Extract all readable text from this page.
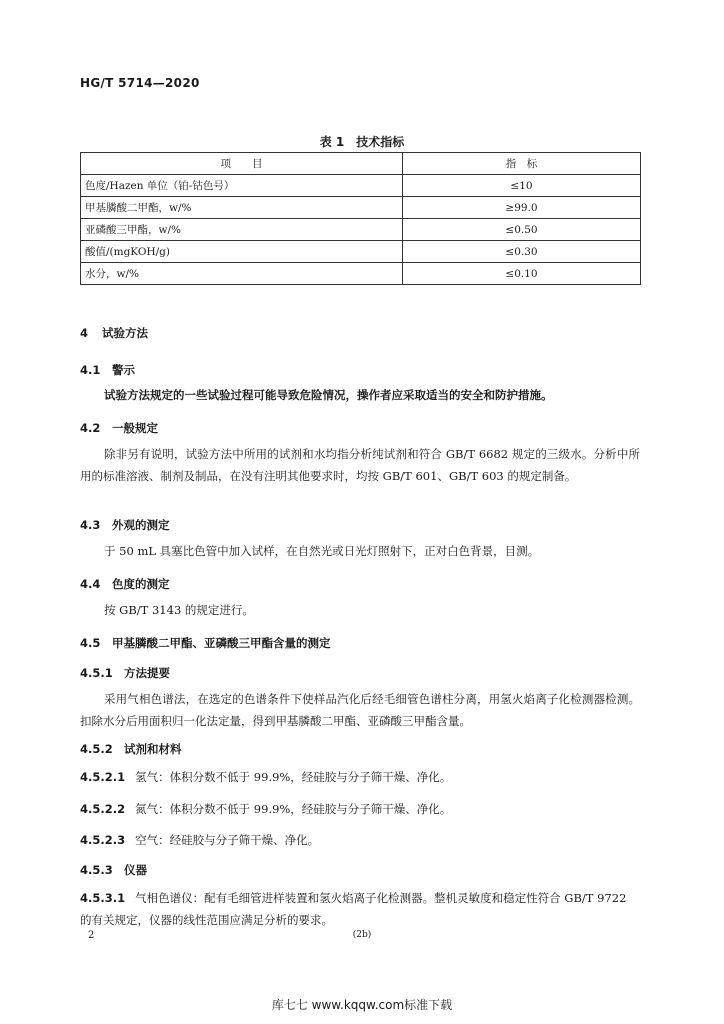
HG/T 5714—2020
表 1　技术指标
项　　目	指　标
色度/Hazen 单位（铂-钴色号）	≤10
甲基膦酸二甲酯，w/%	≥99.0
亚磷酸三甲酯，w/%	≤0.50
酸值/(mgKOH/g)	≤0.30
水分，w/%	≤0.10
4 试验方法
4.1 警示
试验方法规定的一些试验过程可能导致危险情况，操作者应采取适当的安全和防护措施。
4.2 一般规定
除非另有说明，试验方法中所用的试剂和水均指分析纯试剂和符合 GB/T 6682 规定的三级水。分析中所用的标准溶液、制剂及制品，在没有注明其他要求时，均按 GB/T 601、GB/T 603 的规定制备。
4.3 外观的测定
于 50 mL 具塞比色管中加入试样，在自然光或日光灯照射下，正对白色背景，目测。
4.4 色度的测定
按 GB/T 3143 的规定进行。
4.5 甲基膦酸二甲酯、亚磷酸三甲酯含量的测定
4.5.1 方法提要
采用气相色谱法，在选定的色谱条件下使样品汽化后经毛细管色谱柱分离，用氢火焰离子化检测器检测。扣除水分后用面积归一化法定量，得到甲基膦酸二甲酯、亚磷酸三甲酯含量。
4.5.2 试剂和材料
4.5.2.1 氢气：体积分数不低于 99.9%，经硅胶与分子筛干燥、净化。
4.5.2.2 氮气：体积分数不低于 99.9%，经硅胶与分子筛干燥、净化。
4.5.2.3 空气：经硅胶与分子筛干燥、净化。
4.5.3 仪器
4.5.3.1 气相色谱仪：配有毛细管进样装置和氢火焰离子化检测器。整机灵敏度和稳定性符合 GB/T 9722 的有关规定，仪器的线性范围应满足分析的要求。
2	(2b)
库七七 www.kqqw.com标准下载
